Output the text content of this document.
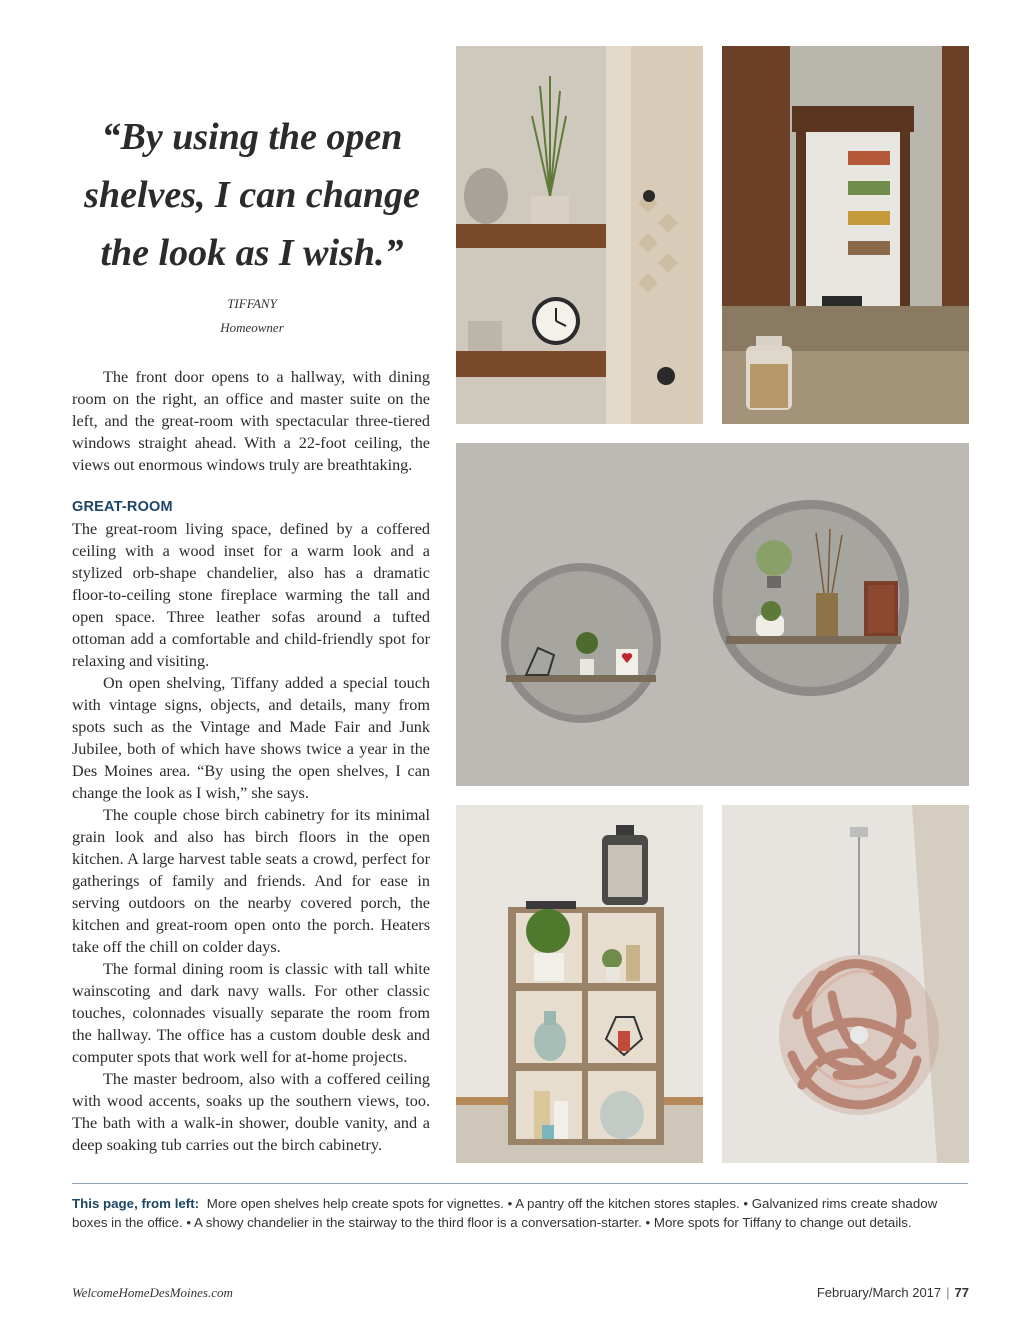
“By using the open
shelves, I can change
the look as I wish.”
TIFFANY
Homeowner

The front door opens to a hallway, with dining room on the right, an office and master suite on the left, and the great-room with spectacular three-tiered windows straight ahead. With a 22-foot ceiling, the views out enormous windows truly are breathtaking.

GREAT-ROOM

The great-room living space, defined by a coffered ceiling with a wood inset for a warm look and a stylized orb-shape chandelier, also has a dramatic floor-to-ceiling stone fireplace warming the tall and open space. Three leather sofas around a tufted ottoman add a comfortable and child-friendly spot for relaxing and visiting.

On open shelving, Tiffany added a special touch with vintage signs, objects, and details, many from spots such as the Vintage and Made Fair and Junk Jubilee, both of which have shows twice a year in the Des Moines area. “By using the open shelves, I can change the look as I wish,” she says.

The couple chose birch cabinetry for its minimal grain look and also has birch floors in the open kitchen. A large harvest table seats a crowd, perfect for gatherings of family and friends. And for ease in serving outdoors on the nearby covered porch, the kitchen and great-room open onto the porch. Heaters take off the chill on colder days.

The formal dining room is classic with tall white wainscoting and dark navy walls. For other classic touches, colonnades visually separate the room from the hallway. The office has a custom double desk and computer spots that work well for at-home projects.

The master bedroom, also with a coffered ceiling with wood accents, soaks up the southern views, too. The bath with a walk-in shower, double vanity, and a deep soaking tub carries out the birch cabinetry.

This page, from left: More open shelves help create spots for vignettes. • A pantry off the kitchen stores staples. • Galvanized rims create shadow boxes in the office. • A showy chandelier in the stairway to the third floor is a conversation-starter. • More spots for Tiffany to change out details.
WelcomeHomeDesMoines.com	February/March 2017 | 77
